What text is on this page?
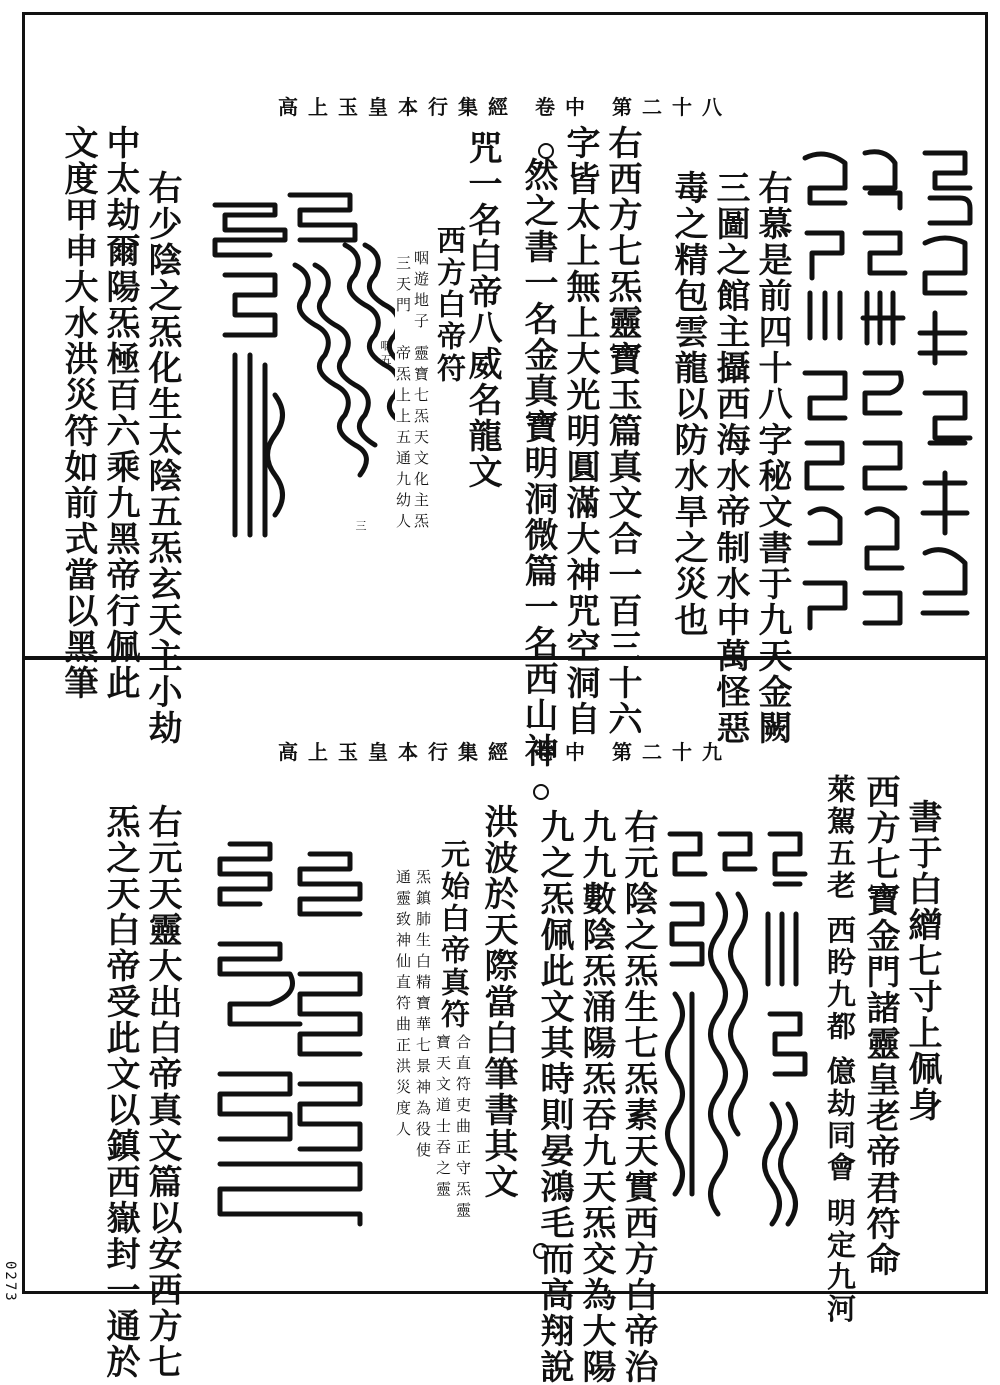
高上玉皇本行集經 卷中 第二十八
右慕是前四十八字秘文書于九天金闕
三圖之館主攝西海水帝制水中萬怪惡
毒之精包雲龍以防水旱之災也
右西方七炁靈寶玉篇真文合一百三十六
字皆太上無上大光明圓滿大神咒空洞自
然之書一名金真寶明洞微篇一名西山神
咒一名白帝八威名龍文
西方白帝符
靈寶七炁天文化主炁
帝炁上上五通九幼人
咽遊地子
三天門
咽五
三
右少陰之炁化生太陰五炁玄天主小劫
中太劫爾陽炁極百六乘九黑帝行佩此
文度甲申大水洪災符如前式當以黑筆
高上玉皇本行集經 卷中 第二十九
書于白繒七寸上佩身
西方七寶金門諸靈皇老帝君符命
萊駕五老 西盻九都 億劫同會 明定九河
右元陰之炁生七炁素天實西方白帝治
九九數陰炁涌陽炁吞九天炁交為大陽
九之炁佩此文其時則晏鴻毛而高翔說
洪波於天際當白筆書其文
元始白帝真符
合直符吏曲正守炁靈
寶天文道士吞之靈
炁鎮肺生白精寶華七景神為役使
通靈致神仙直符曲正洪災度人
右元天靈大出白帝真文篇以安西方七
炁之天白帝受此文以鎮西嶽封一通於
0273
